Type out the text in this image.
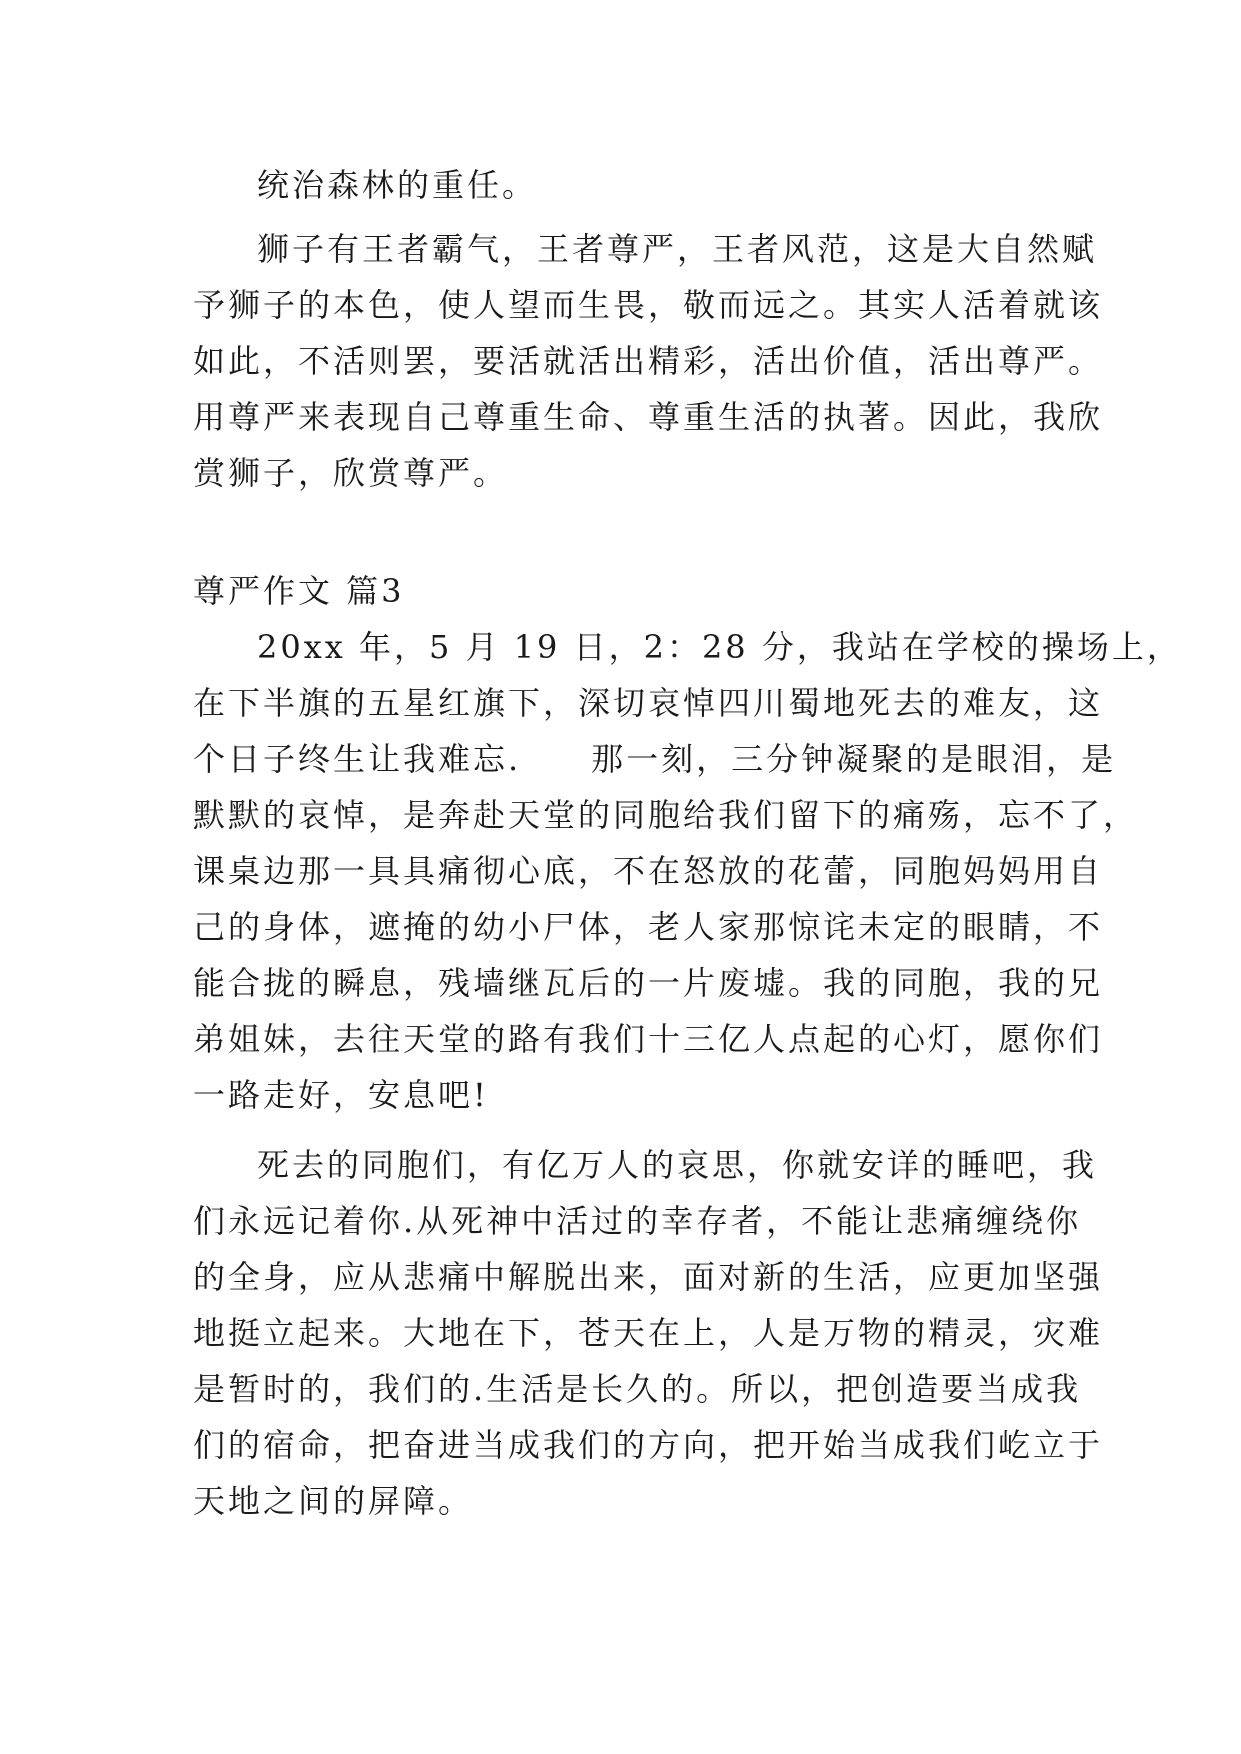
统治森林的重任。
狮子有王者霸气，王者尊严，王者风范，这是大自然赋
予狮子的本色，使人望而生畏，敬而远之。其实人活着就该
如此，不活则罢，要活就活出精彩，活出价值，活出尊严。
用尊严来表现自己尊重生命、尊重生活的执著。因此，我欣
赏狮子，欣赏尊严。
尊严作文 篇3
20xx 年，5 月 19 日，2：28 分，我站在学校的操场上，
在下半旗的五星红旗下，深切哀悼四川蜀地死去的难友，这
个日子终生让我难忘.　　那一刻，三分钟凝聚的是眼泪，是
默默的哀悼，是奔赴天堂的同胞给我们留下的痛殇，忘不了，
课桌边那一具具痛彻心底，不在怒放的花蕾，同胞妈妈用自
己的身体，遮掩的幼小尸体，老人家那惊诧未定的眼睛，不
能合拢的瞬息，残墙继瓦后的一片废墟。我的同胞，我的兄
弟姐妹，去往天堂的路有我们十三亿人点起的心灯，愿你们
一路走好，安息吧!
死去的同胞们，有亿万人的哀思，你就安详的睡吧，我
们永远记着你.从死神中活过的幸存者，不能让悲痛缠绕你
的全身，应从悲痛中解脱出来，面对新的生活，应更加坚强
地挺立起来。大地在下，苍天在上，人是万物的精灵，灾难
是暂时的，我们的.生活是长久的。所以，把创造要当成我
们的宿命，把奋进当成我们的方向，把开始当成我们屹立于
天地之间的屏障。
